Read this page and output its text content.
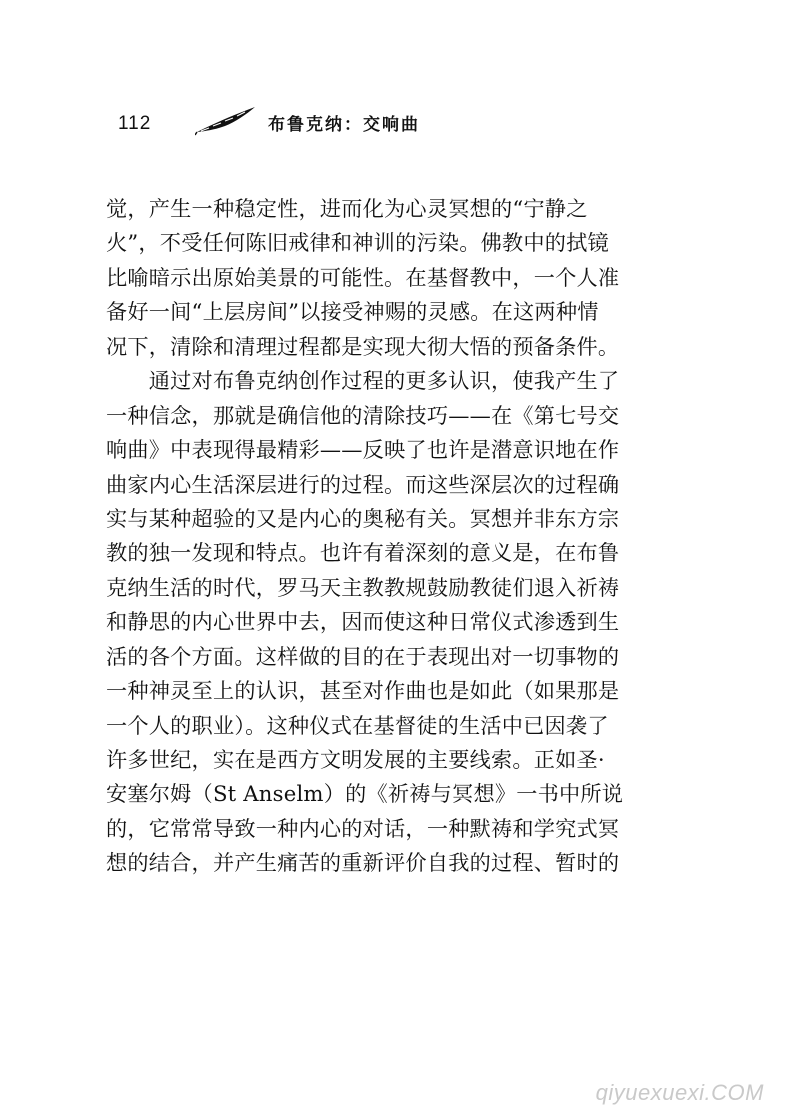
112	布鲁克纳：交响曲
觉，产生一种稳定性，进而化为心灵冥想的“宁静之
火”，不受任何陈旧戒律和神训的污染。佛教中的拭镜
比喻暗示出原始美景的可能性。在基督教中，一个人准
备好一间“上层房间”以接受神赐的灵感。在这两种情
况下，清除和清理过程都是实现大彻大悟的预备条件。
　　通过对布鲁克纳创作过程的更多认识，使我产生了
一种信念，那就是确信他的清除技巧——在《第七号交
响曲》中表现得最精彩——反映了也许是潜意识地在作
曲家内心生活深层进行的过程。而这些深层次的过程确
实与某种超验的又是内心的奥秘有关。冥想并非东方宗
教的独一发现和特点。也许有着深刻的意义是，在布鲁
克纳生活的时代，罗马天主教教规鼓励教徒们退入祈祷
和静思的内心世界中去，因而使这种日常仪式渗透到生
活的各个方面。这样做的目的在于表现出对一切事物的
一种神灵至上的认识，甚至对作曲也是如此（如果那是
一个人的职业）。这种仪式在基督徒的生活中已因袭了
许多世纪，实在是西方文明发展的主要线索。正如圣·
安塞尔姆（St Anselm）的《祈祷与冥想》一书中所说
的，它常常导致一种内心的对话，一种默祷和学究式冥
想的结合，并产生痛苦的重新评价自我的过程、暂时的
qiyuexuexi.COM
